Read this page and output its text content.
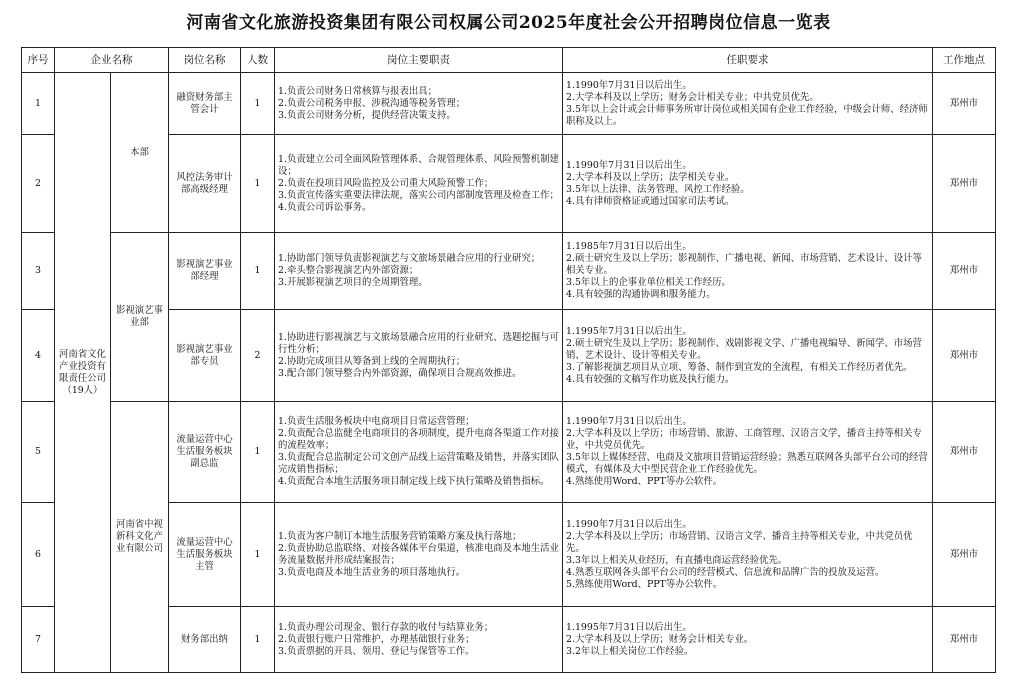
河南省文化旅游投资集团有限公司权属公司2025年度社会公开招聘岗位信息一览表
序号	企业名称		岗位名称	人数	岗位主要职责	任职要求	工作地点
1	河南省文化产业投资有限责任公司（19人）	本部	融资财务部主管会计	1	1.负责公司财务日常核算与报表出具；
2.负责公司税务申报、涉税沟通等税务管理；
3.负责公司财务分析，提供经营决策支持。	1.1990年7月31日以后出生。
2.大学本科及以上学历；财务会计相关专业；中共党员优先。
3.5年以上会计或会计师事务所审计岗位或相关国有企业工作经验，中级会计师、经济师职称及以上。	郑州市
2			风控法务审计部高级经理	1	1.负责建立公司全面风险管理体系、合规管理体系、风险预警机制建设；
2.负责在投项目风险监控及公司重大风险预警工作；
3.负责宣传落实重要法律法规，落实公司内部制度管理及检查工作；
4.负责公司诉讼事务。	1.1990年7月31日以后出生。
2.大学本科及以上学历；法学相关专业。
3.5年以上法律、法务管理、风控工作经验。
4.具有律师资格证或通过国家司法考试。	郑州市
3		影视演艺事业部	影视演艺事业部经理	1	1.协助部门领导负责影视演艺与文旅场景融合应用的行业研究；
2.牵头整合影视演艺内外部资源；
3.开展影视演艺项目的全周期管理。	1.1985年7月31日以后出生。
2.硕士研究生及以上学历；影视制作、广播电视、新闻、市场营销、艺术设计、设计等相关专业。
3.5年以上的企事业单位相关工作经历。
4.具有较强的沟通协调和服务能力。	郑州市
4			影视演艺事业部专员	2	1.协助进行影视演艺与文旅场景融合应用的行业研究、选题挖掘与可行性分析；
2.协助完成项目从筹备到上线的全周期执行；
3.配合部门领导整合内外部资源，确保项目合规高效推进。	1.1995年7月31日以后出生。
2.硕士研究生及以上学历；影视制作、戏剧影视文学、广播电视编导、新闻学、市场营销、艺术设计、设计等相关专业。
3.了解影视演艺项目从立项、筹备、制作到宣发的全流程，有相关工作经历者优先。
4.具有较强的文稿写作功底及执行能力。	郑州市
5		河南省中视新科文化产业有限公司	流量运营中心生活服务板块副总监	1	1.负责生活服务板块中电商项目日常运营管理；
2.负责配合总监健全电商项目的各项制度，提升电商各渠道工作对接的流程效率；
3.负责配合总监制定公司文创产品线上运营策略及销售，并落实团队完成销售指标；
4.负责配合本地生活服务项目制定线上线下执行策略及销售指标。	1.1990年7月31日以后出生。
2.大学本科及以上学历；市场营销、旅游、工商管理、汉语言文学，播音主持等相关专业，中共党员优先。
3.5年以上媒体经营、电商及文旅项目营销运营经验；熟悉互联网各头部平台公司的经营模式，有媒体及大中型民营企业工作经验优先。
4.熟练使用Word、PPT等办公软件。	郑州市
6			流量运营中心生活服务板块主管	1	1.负责为客户制订本地生活服务营销策略方案及执行落地；
2.负责协助总监联络、对接各媒体平台渠道，核准电商及本地生活业务流量数据并形成结案报告；
3.负责电商及本地生活业务的项目落地执行。	1.1990年7月31日以后出生。
2.大学本科及以上学历；市场营销、汉语言文学、播音主持等相关专业，中共党员优先。
3.3年以上相关从业经历，有直播电商运营经验优先。
4.熟悉互联网各头部平台公司的经营模式、信息流和品牌广告的投放及运营。
5.熟练使用Word、PPT等办公软件。	郑州市
7			财务部出纳	1	1.负责办理公司现金、银行存款的收付与结算业务；
2.负责银行账户日常维护，办理基础银行业务；
3.负责票据的开具、领用、登记与保管等工作。	1.1995年7月31日以后出生。
2.大学本科及以上学历；财务会计相关专业。
3.2年以上相关岗位工作经验。	郑州市
